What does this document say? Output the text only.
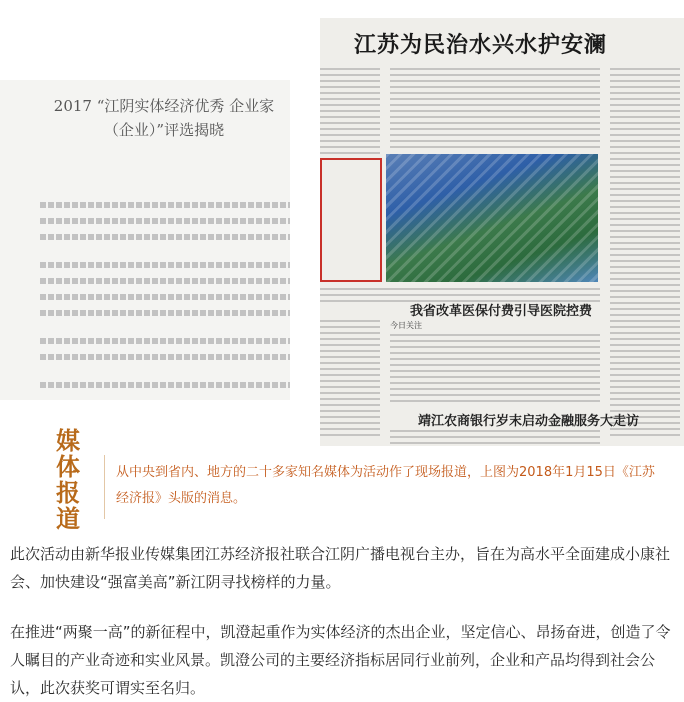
2017 “江阴实体经济优秀 企业家（企业）”评选揭晓
江苏为民治水兴水护安澜
我省改革医保付费引导医院控费
今日关注
靖江农商银行岁末启动金融服务大走访
媒体报道
从中央到省内、地方的二十多家知名媒体为活动作了现场报道，上图为2018年1月15日《江苏经济报》头版的消息。
此次活动由新华报业传媒集团江苏经济报社联合江阴广播电视台主办，旨在为高水平全面建成小康社会、加快建设“强富美高”新江阴寻找榜样的力量。
在推进“两聚一高”的新征程中，凯澄起重作为实体经济的杰出企业，坚定信心、昂扬奋进，创造了令人瞩目的产业奇迹和实业风景。凯澄公司的主要经济指标居同行业前列，企业和产品均得到社会公认，此次获奖可谓实至名归。
